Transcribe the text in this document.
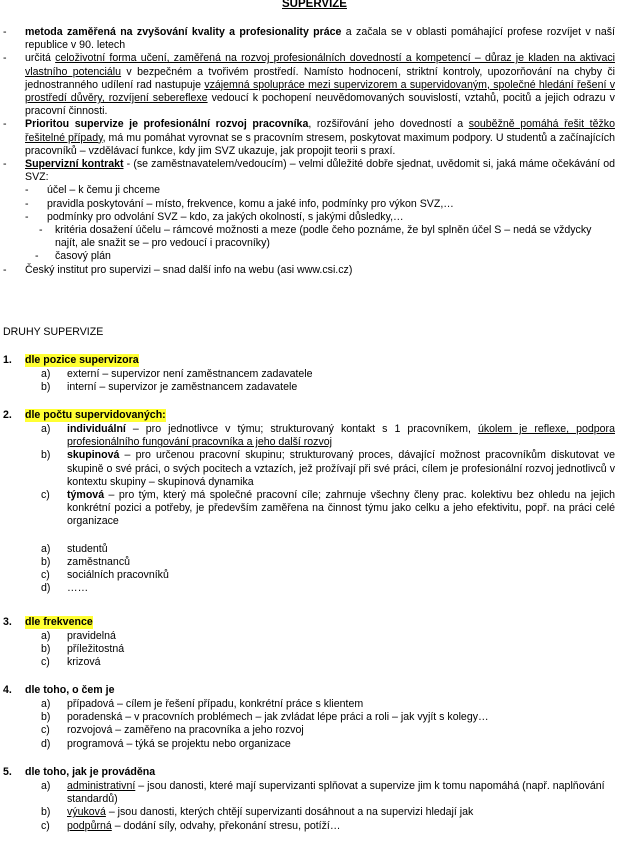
SUPERVIZE
- metoda zaměřená na zvyšování kvality a profesionality práce a začala se v oblasti pomáhající profese rozvíjet v naší republice v 90. letech
- určitá celoživotní forma učení, zaměřená na rozvoj profesionálních dovedností a kompetencí – důraz je kladen na aktivaci vlastního potenciálu v bezpečném a tvořivém prostředí. Namísto hodnocení, striktní kontroly, upozorňování na chyby či jednostranného udílení rad nastupuje vzájemná spolupráce mezi supervizorem a supervidovaným, společné hledání řešení v prostředí důvěry, rozvíjení sebereflexe vedoucí k pochopení neuvědomovaných souvislostí, vztahů, pocitů a jejich odrazu v pracovní činnosti.
- Prioritou supervize je profesionální rozvoj pracovníka, rozšiřování jeho dovedností a souběžně pomáhá řešit těžko řešitelné případy, má mu pomáhat vyrovnat se s pracovním stresem, poskytovat maximum podpory. U studentů a začínajících pracovníků – vzdělávací funkce, kdy jim SVZ ukazuje, jak propojit teorii s praxí.
- Supervizní kontrakt - (se zaměstnavatelem/vedoucím) – velmi důležité dobře sjednat, uvědomit si, jaká máme očekávání od SVZ:
- účel – k čemu ji chceme
- pravidla poskytování – místo, frekvence, komu a jaké info, podmínky pro výkon SVZ,…
- podmínky pro odvolání SVZ – kdo, za jakých okolností, s jakými důsledky,…
- kritéria dosažení účelu – rámcové možnosti a meze (podle čeho poznáme, že byl splněn účel S – nedá se vždycky najít, ale snažit se – pro vedoucí i pracovníky)
- časový plán
- Český institut pro supervizi – snad další info na webu (asi www.csi.cz)
DRUHY SUPERVIZE
1. dle pozice supervizora
a) externí – supervizor není zaměstnancem zadavatele
b) interní – supervizor je zaměstnancem zadavatele
2. dle počtu supervidovaných:
a) individuální – pro jednotlivce v týmu; strukturovaný kontakt s 1 pracovníkem, úkolem je reflexe, podpora profesionálního fungování pracovníka a jeho další rozvoj
b) skupinová – pro určenou pracovní skupinu; strukturovaný proces, dávající možnost pracovníkům diskutovat ve skupině o své práci, o svých pocitech a vztazích, jež prožívají při své práci, cílem je profesionální rozvoj jednotlivců v kontextu skupiny – skupinová dynamika
c) týmová – pro tým, který má společné pracovní cíle; zahrnuje všechny členy prac. kolektivu bez ohledu na jejich konkrétní pozici a potřeby, je především zaměřena na činnost týmu jako celku a jeho efektivitu, popř. na práci celé organizace
a) studentů
b) zaměstnanců
c) sociálních pracovníků
d) ……
3. dle frekvence
a) pravidelná
b) příležitostná
c) krizová
4. dle toho, o čem je
a) případová – cílem je řešení případu, konkrétní práce s klientem
b) poradenská – v pracovních problémech – jak zvládat lépe práci a roli – jak vyjít s kolegy…
c) rozvojová – zaměřeno na pracovníka a jeho rozvoj
d) programová – týká se projektu nebo organizace
5. dle toho, jak je prováděna
a) administrativní – jsou danosti, které mají supervizanti splňovat a supervize jim k tomu napomáhá (např. naplňování standardů)
b) výuková – jsou danosti, kterých chtějí supervizanti dosáhnout a na supervizi hledají jak
c) podpůrná – dodání síly, odvahy, překonání stresu, potíží…
